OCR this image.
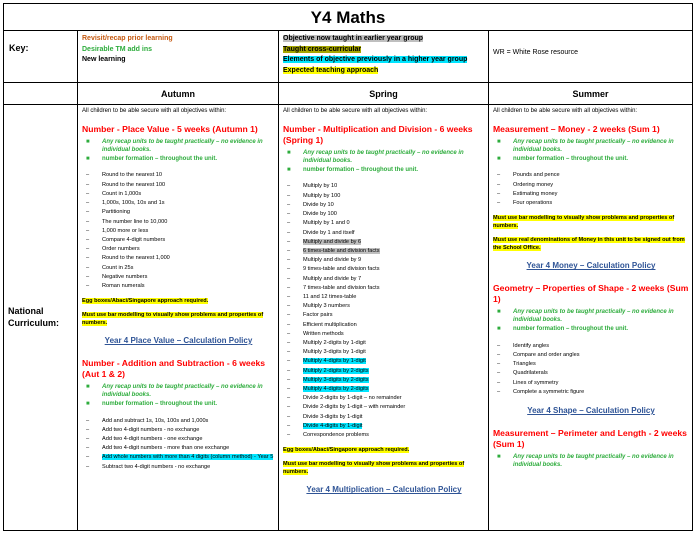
Y4 Maths
Key:
Revisit/recap prior learning
Desirable TM add ins
New learning
Objective now taught in earlier year group
Taught cross-curricular
Elements of objective previously in a higher year group
Expected teaching approach
WR = White Rose resource
Autumn	Spring	Summer
National Curriculum:
All children to be able secure with all objectives within:
Number - Place Value - 5 weeks (Autumn 1)
■ Any recap units to be taught practically – no evidence in individual books.
■ number formation – throughout the unit.
– Round to the nearest 10
– Round to the nearest 100
– Count in 1,000s
– 1,000s, 100s, 10s and 1s
– Partitioning
– The number line to 10,000
– 1,000 more or less
– Compare 4-digit numbers
– Order numbers
– Round to the nearest 1,000
– Count in 25s
– Negative numbers
– Roman numerals
Egg boxes/Abaci/Singapore approach required.
Must use bar modelling to visually show problems and properties of numbers.
Year 4 Place Value – Calculation Policy
Number - Addition and Subtraction - 6 weeks (Aut 1 & 2)
■ Any recap units to be taught practically – no evidence in individual books.
■ number formation – throughout the unit.
– Add and subtract 1s, 10s, 100s and 1,000s
– Add two 4-digit numbers - no exchange
– Add two 4-digit numbers - one exchange
– Add two 4-digit numbers - more than one exchange
– Add whole numbers with more than 4 digits (column method) - Year 5
– Subtract two 4-digit numbers - no exchange
All children to be able secure with all objectives within:
Number - Multiplication and Division - 6 weeks (Spring 1)
■ Any recap units to be taught practically – no evidence in individual books.
■ number formation – throughout the unit.
– Multiply by 10
– Multiply by 100
– Divide by 10
– Divide by 100
– Multiply by 1 and 0
– Divide by 1 and itself
– Multiply and divide by 6
– 6 times-table and division facts
– Multiply and divide by 9
– 9 times-table and division facts
– Multiply and divide by 7
– 7 times-table and division facts
– 11 and 12 times-table
– Multiply 3 numbers
– Factor pairs
– Efficient multiplication
– Written methods
– Multiply 2-digits by 1-digit
– Multiply 3-digits by 1-digit
– Multiply 4-digits by 1-digit
– Multiply 2-digits by 2-digits
– Multiply 3-digits by 2-digits
– Multiply 4-digits by 2-digits
– Divide 2-digits by 1-digit – no remainder
– Divide 2-digits by 1-digit – with remainder
– Divide 3-digits by 1-digit
– Divide 4-digits by 1-digit
– Correspondence problems
Egg boxes/Abaci/Singapore approach required.
Must use bar modelling to visually show problems and properties of numbers.
Year 4 Multiplication – Calculation Policy
All children to be able secure with all objectives within:
Measurement – Money - 2 weeks (Sum 1)
■ Any recap units to be taught practically – no evidence in individual books.
■ number formation – throughout the unit.
– Pounds and pence
– Ordering money
– Estimating money
– Four operations
Must use bar modelling to visually show problems and properties of numbers.
Must use real denominations of Money in this unit to be signed out from the School Office.
Year 4 Money – Calculation Policy
Geometry – Properties of Shape - 2 weeks (Sum 1)
■ Any recap units to be taught practically – no evidence in individual books.
■ number formation – throughout the unit.
– Identify angles
– Compare and order angles
– Triangles
– Quadrilaterals
– Lines of symmetry
– Complete a symmetric figure
Year 4 Shape – Calculation Policy
Measurement – Perimeter and Length - 2 weeks (Sum 1)
■ Any recap units to be taught practically – no evidence in individual books.
